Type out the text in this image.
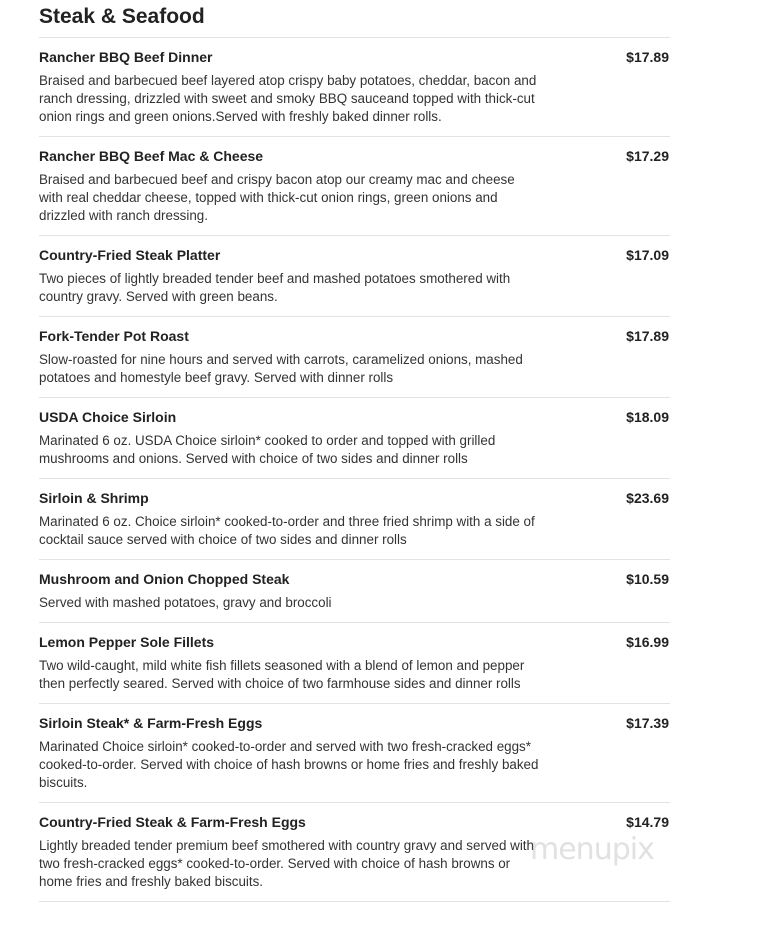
Steak & Seafood
Rancher BBQ Beef Dinner	$17.89
Braised and barbecued beef layered atop crispy baby potatoes, cheddar, bacon and ranch dressing, drizzled with sweet and smoky BBQ sauceand topped with thick-cut onion rings and green onions.Served with freshly baked dinner rolls.
Rancher BBQ Beef Mac & Cheese	$17.29
Braised and barbecued beef and crispy bacon atop our creamy mac and cheese with real cheddar cheese, topped with thick-cut onion rings, green onions and drizzled with ranch dressing.
Country-Fried Steak Platter	$17.09
Two pieces of lightly breaded tender beef and mashed potatoes smothered with country gravy. Served with green beans.
Fork-Tender Pot Roast	$17.89
Slow-roasted for nine hours and served with carrots, caramelized onions, mashed potatoes and homestyle beef gravy. Served with dinner rolls
USDA Choice Sirloin	$18.09
Marinated 6 oz. USDA Choice sirloin* cooked to order and topped with grilled mushrooms and onions. Served with choice of two sides and dinner rolls
Sirloin & Shrimp	$23.69
Marinated 6 oz. Choice sirloin* cooked-to-order and three fried shrimp with a side of cocktail sauce served with choice of two sides and dinner rolls
Mushroom and Onion Chopped Steak	$10.59
Served with mashed potatoes, gravy and broccoli
Lemon Pepper Sole Fillets	$16.99
Two wild-caught, mild white fish fillets seasoned with a blend of lemon and pepper then perfectly seared. Served with choice of two farmhouse sides and dinner rolls
Sirloin Steak* & Farm-Fresh Eggs	$17.39
Marinated Choice sirloin* cooked-to-order and served with two fresh-cracked eggs* cooked-to-order. Served with choice of hash browns or home fries and freshly baked biscuits.
Country-Fried Steak & Farm-Fresh Eggs	$14.79
Lightly breaded tender premium beef smothered with country gravy and served with two fresh-cracked eggs* cooked-to-order. Served with choice of hash browns or home fries and freshly baked biscuits.
menupix
